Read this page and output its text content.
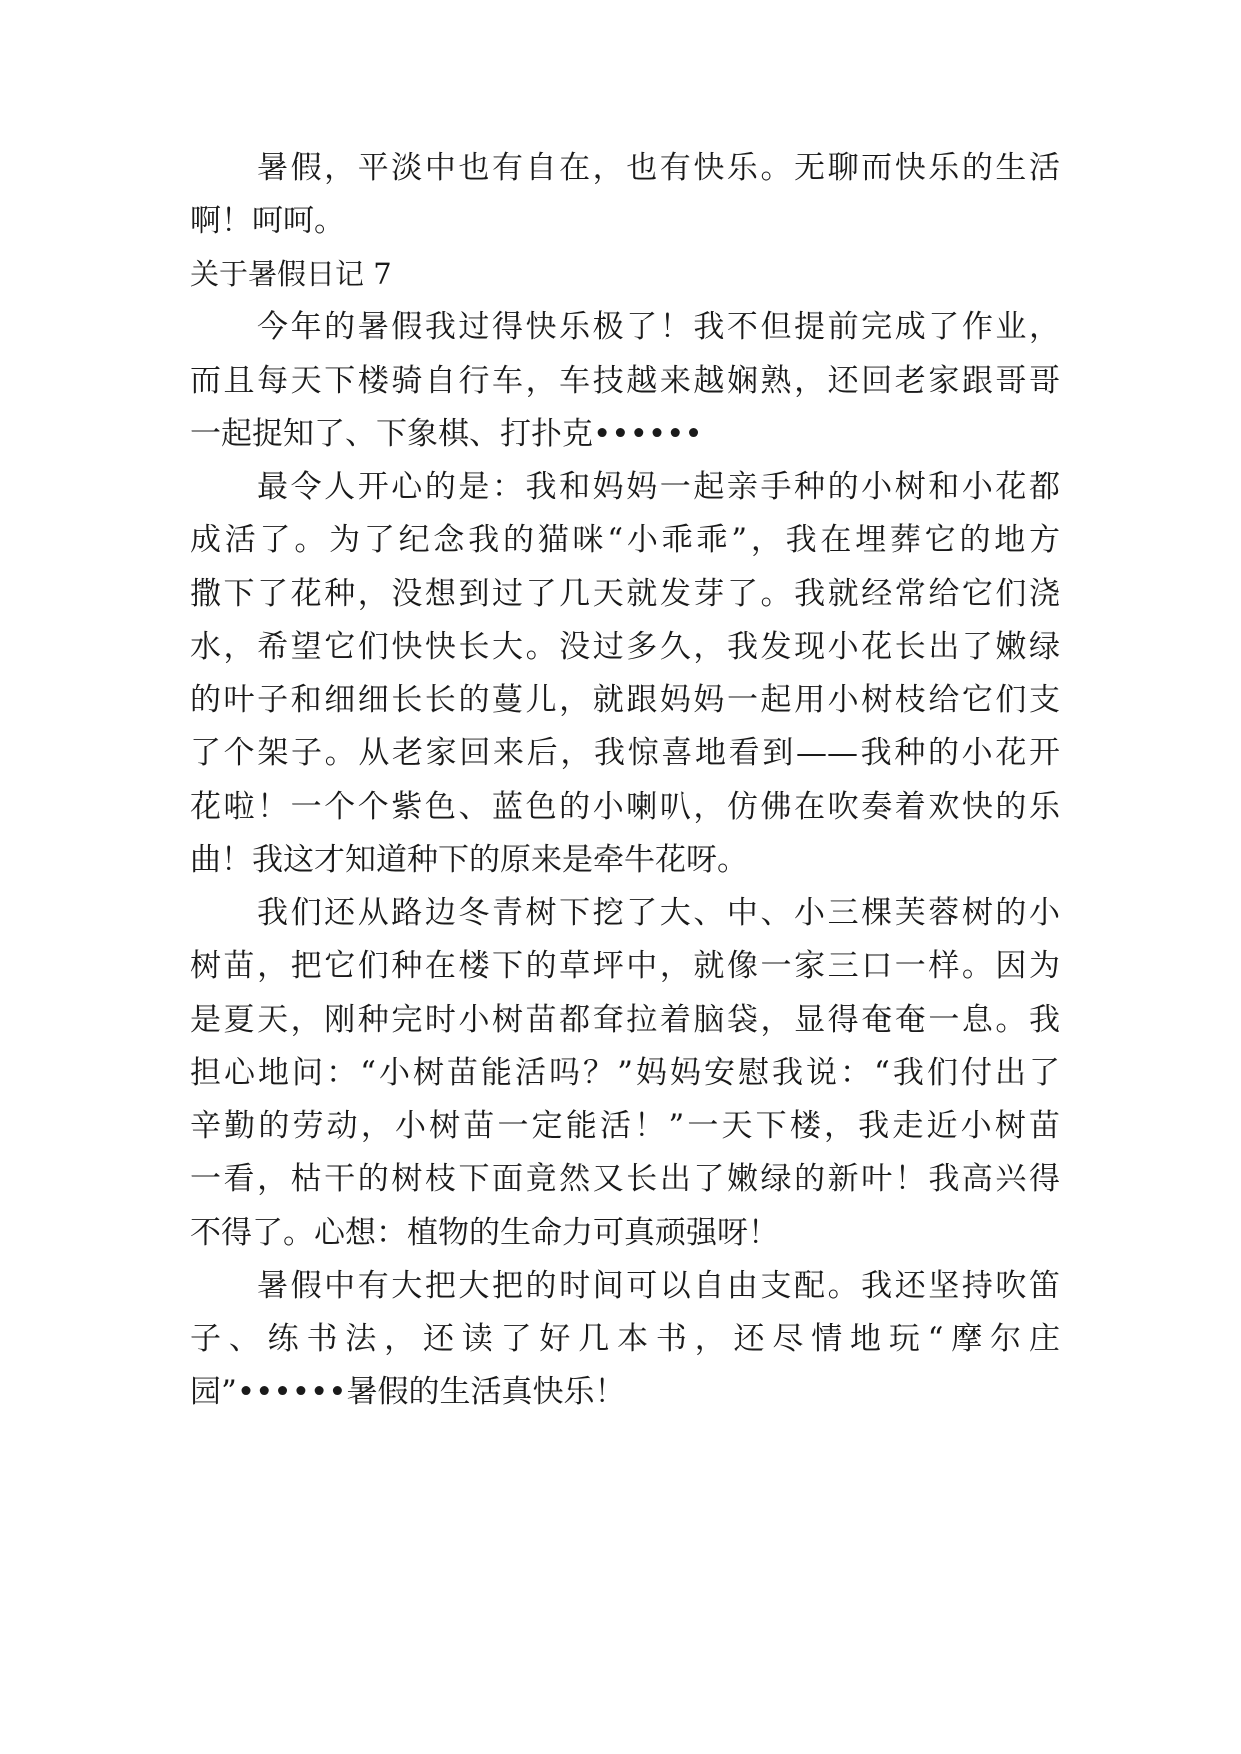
暑假，平淡中也有自在，也有快乐。无聊而快乐的生活
啊！呵呵。
关于暑假日记 7
今年的暑假我过得快乐极了！我不但提前完成了作业，
而且每天下楼骑自行车，车技越来越娴熟，还回老家跟哥哥
一起捉知了、下象棋、打扑克••••••
最令人开心的是：我和妈妈一起亲手种的小树和小花都
成活了。为了纪念我的猫咪“小乖乖”，我在埋葬它的地方
撒下了花种，没想到过了几天就发芽了。我就经常给它们浇
水，希望它们快快长大。没过多久，我发现小花长出了嫩绿
的叶子和细细长长的蔓儿，就跟妈妈一起用小树枝给它们支
了个架子。从老家回来后，我惊喜地看到——我种的小花开
花啦！一个个紫色、蓝色的小喇叭，仿佛在吹奏着欢快的乐
曲！我这才知道种下的原来是牵牛花呀。
我们还从路边冬青树下挖了大、中、小三棵芙蓉树的小
树苗，把它们种在楼下的草坪中，就像一家三口一样。因为
是夏天，刚种完时小树苗都耷拉着脑袋，显得奄奄一息。我
担心地问：“小树苗能活吗？”妈妈安慰我说：“我们付出了
辛勤的劳动，小树苗一定能活！”一天下楼，我走近小树苗
一看，枯干的树枝下面竟然又长出了嫩绿的新叶！我高兴得
不得了。心想：植物的生命力可真顽强呀！
暑假中有大把大把的时间可以自由支配。我还坚持吹笛
子、练书法，还读了好几本书，还尽情地玩“摩尔庄
园”••••••暑假的生活真快乐！
